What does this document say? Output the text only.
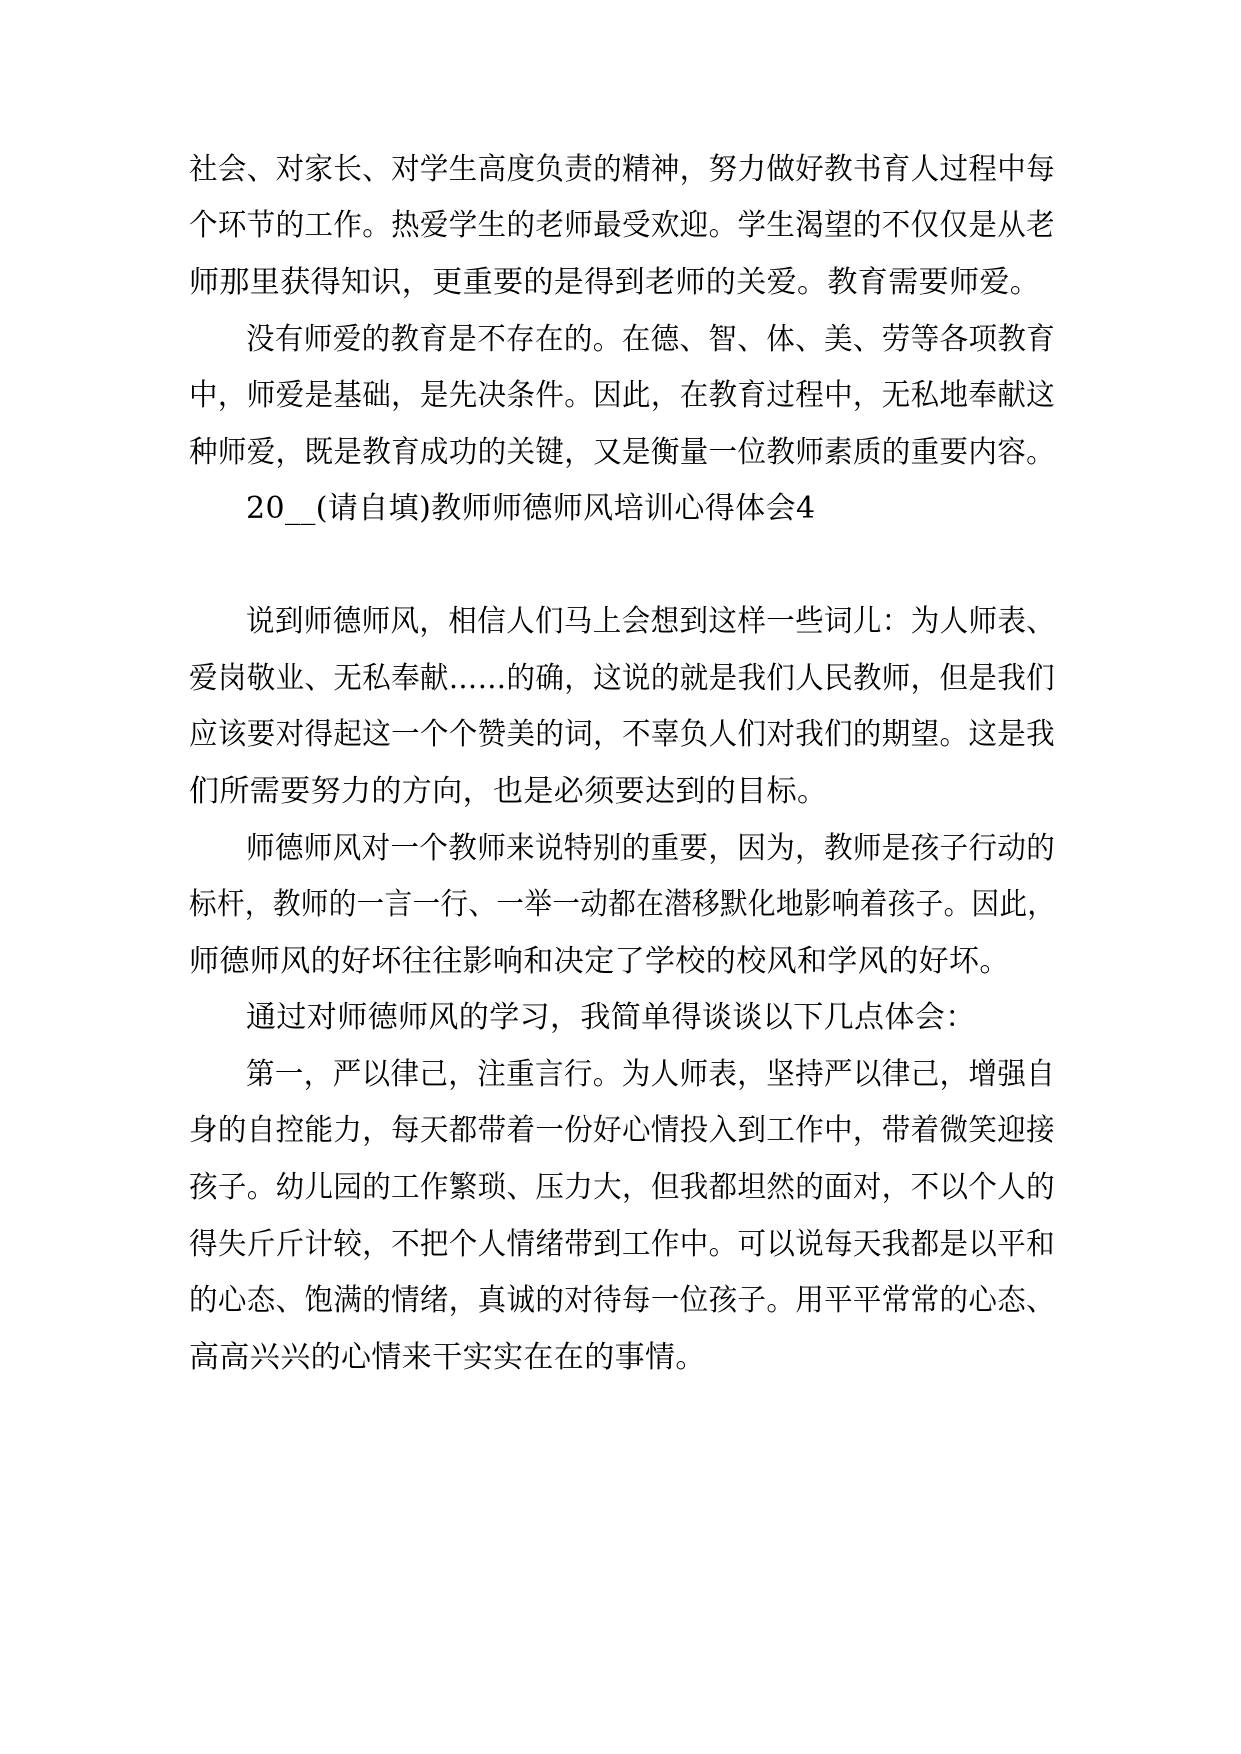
社会、对家长、对学生高度负责的精神，努力做好教书育人过程中每

个环节的工作。热爱学生的老师最受欢迎。学生渴望的不仅仅是从老

师那里获得知识，更重要的是得到老师的关爱。教育需要师爱。

没有师爱的教育是不存在的。在德、智、体、美、劳等各项教育

中，师爱是基础，是先决条件。因此，在教育过程中，无私地奉献这

种师爱，既是教育成功的关键，又是衡量一位教师素质的重要内容。

20__(请自填)教师师德师风培训心得体会4

说到师德师风，相信人们马上会想到这样一些词儿：为人师表、

爱岗敬业、无私奉献……的确，这说的就是我们人民教师，但是我们

应该要对得起这一个个赞美的词，不辜负人们对我们的期望。这是我

们所需要努力的方向，也是必须要达到的目标。

师德师风对一个教师来说特别的重要，因为，教师是孩子行动的

标杆，教师的一言一行、一举一动都在潜移默化地影响着孩子。因此，

师德师风的好坏往往影响和决定了学校的校风和学风的好坏。

通过对师德师风的学习，我简单得谈谈以下几点体会：

第一，严以律己，注重言行。为人师表，坚持严以律己，增强自

身的自控能力，每天都带着一份好心情投入到工作中，带着微笑迎接

孩子。幼儿园的工作繁琐、压力大，但我都坦然的面对，不以个人的

得失斤斤计较，不把个人情绪带到工作中。可以说每天我都是以平和

的心态、饱满的情绪，真诚的对待每一位孩子。用平平常常的心态、

高高兴兴的心情来干实实在在的事情。
